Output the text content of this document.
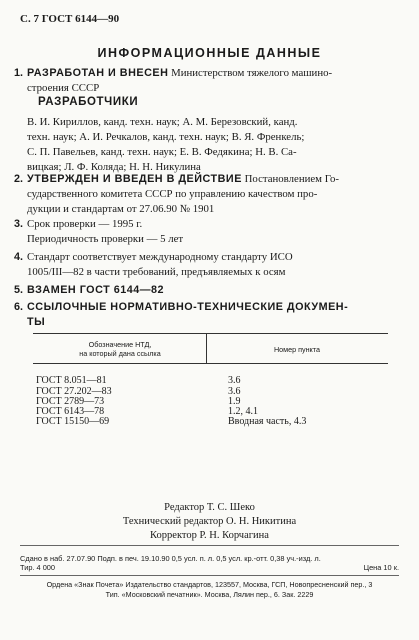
С. 7 ГОСТ 6144—90
ИНФОРМАЦИОННЫЕ ДАННЫЕ
1. РАЗРАБОТАН И ВНЕСЕН Министерством тяжелого машино-
строения СССР
РАЗРАБОТЧИКИ
В. И. Кириллов, канд. техн. наук; А. М. Березовский, канд.
техн. наук; А. И. Речкалов, канд. техн. наук; В. Я. Френкель;
С. П. Павельев, канд. техн. наук; Е. В. Федякина; Н. В. Са-
вицкая; Л. Ф. Коляда; Н. Н. Никулина
2. УТВЕРЖДЕН И ВВЕДЕН В ДЕЙСТВИЕ Постановлением Го-
сударственного комитета СССР по управлению качеством про-
дукции и стандартам от 27.06.90 № 1901
3. Срок проверки — 1995 г.
Периодичность проверки — 5 лет
4. Стандарт соответствует международному стандарту ИСО
1005/III—82 в части требований, предъявляемых к осям
5. ВЗАМЕН ГОСТ 6144—82
6. ССЫЛОЧНЫЕ НОРМАТИВНО-ТЕХНИЧЕСКИЕ ДОКУМЕН-
ТЫ
Обозначение НТД,
на который дана ссылка	Номер пункта
ГОСТ 8.051—81	3.6
ГОСТ 27.202—83	3.6
ГОСТ 2789—73	1.9
ГОСТ 6143—78	1.2, 4.1
ГОСТ 15150—69	Вводная часть, 4.3
Редактор Т. С. Шеко
Технический редактор О. Н. Никитина
Корректор Р. Н. Корчагина
Сдано в наб. 27.07.90 Подп. в печ. 19.10.90 0,5 усл. п. л. 0,5 усл. кр.-отт. 0,38 уч.-изд. л.
Тир. 4 000	Цена 10 к.
Ордена «Знак Почета» Издательство стандартов, 123557, Москва, ГСП, Новопресненский пер., 3
Тип. «Московский печатник». Москва, Лялин пер., 6. Зак. 2229
